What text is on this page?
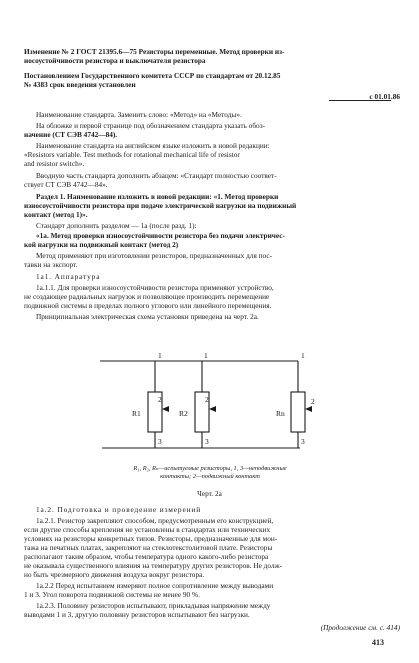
Изменение № 2 ГОСТ 21395.6—75 Резисторы переменные. Метод проверки из-
носоустойчивости резистора и выключателя резистора
Постановлением Государственного комитета СССР по стандартам от 20.12.85
№ 4383 срок введения установлен
с 01.01.86
Наименование стандарта. Заменить слово: «Метод» на «Методы».
На обложке и первой странице под обозначением стандарта указать обоз-
начение (СТ СЭВ 4742—84).
Наименование стандарта на английском языке изложить в новой редакции:
«Resistors variable. Test methods for rotational mechanical life of resistor
and resistor switch».
Вводную часть стандарта дополнить абзацем: «Стандарт полностью соответ-
ствует СТ СЭВ 4742—84».
Раздел 1. Наименование изложить в новой редакции: «1. Метод проверки
износоустойчивости резистора при подаче электрической нагрузки на подвижный
контакт (метод 1)».
Стандарт дополнить разделом — 1а (после разд. 1):
«1а. Метод проверки износоустойчивости резистора без подачи электричес-
кой нагрузки на подвижный контакт (метод 2)
Метод применяют при изготовлении резисторов, предназначенных для пос-
тавки на экспорт.
1а1. Аппаратура
1а.1.1. Для проверки износоустойчивости резистора применяют устройство,
не создающее радиальных нагрузок и позволяющее производить перемещение
подвижной системы в пределах полного углового или линейного перемещения.
Принципиальная электрическая схема установки приведена на черт. 2а.
R1	R2	Rn
1	1	1
2	2	2
3	3	3
R₁, R₂, Rₙ—испытуемые резисторы, 1, 3—неподвижные
контакты; 2—подвижный контакт
Черт. 2а
1а.2. Подготовка и проведение измерений
1а.2.1. Резистор закрепляют способом, предусмотренным его конструкцией,
если другие способы крепления не установлены в стандартах или технических
условиях на резисторы конкретных типов. Резисторы, предназначенные для мон-
тажа на печатных платах, закрепляют на стеклотекстолитовой плате. Резисторы
располагают таким образом, чтобы температура одного какого-либо резистора
не оказывала существенного влияния на температуру других резисторов. Не долж-
но быть чрезмерного движения воздуха вокруг резистора.
1а.2.2 Перед испытанием измеряют полное сопротивление между выводами
1 и 3. Угол поворота подвижной системы не менее 90 %.
1а.2.3. Половину резисторов испытывают, прикладывая напряжение между
выводами 1 и 3, другую половину резисторов испытывают без нагрузки.
(Продолжение см. с. 414)
413
